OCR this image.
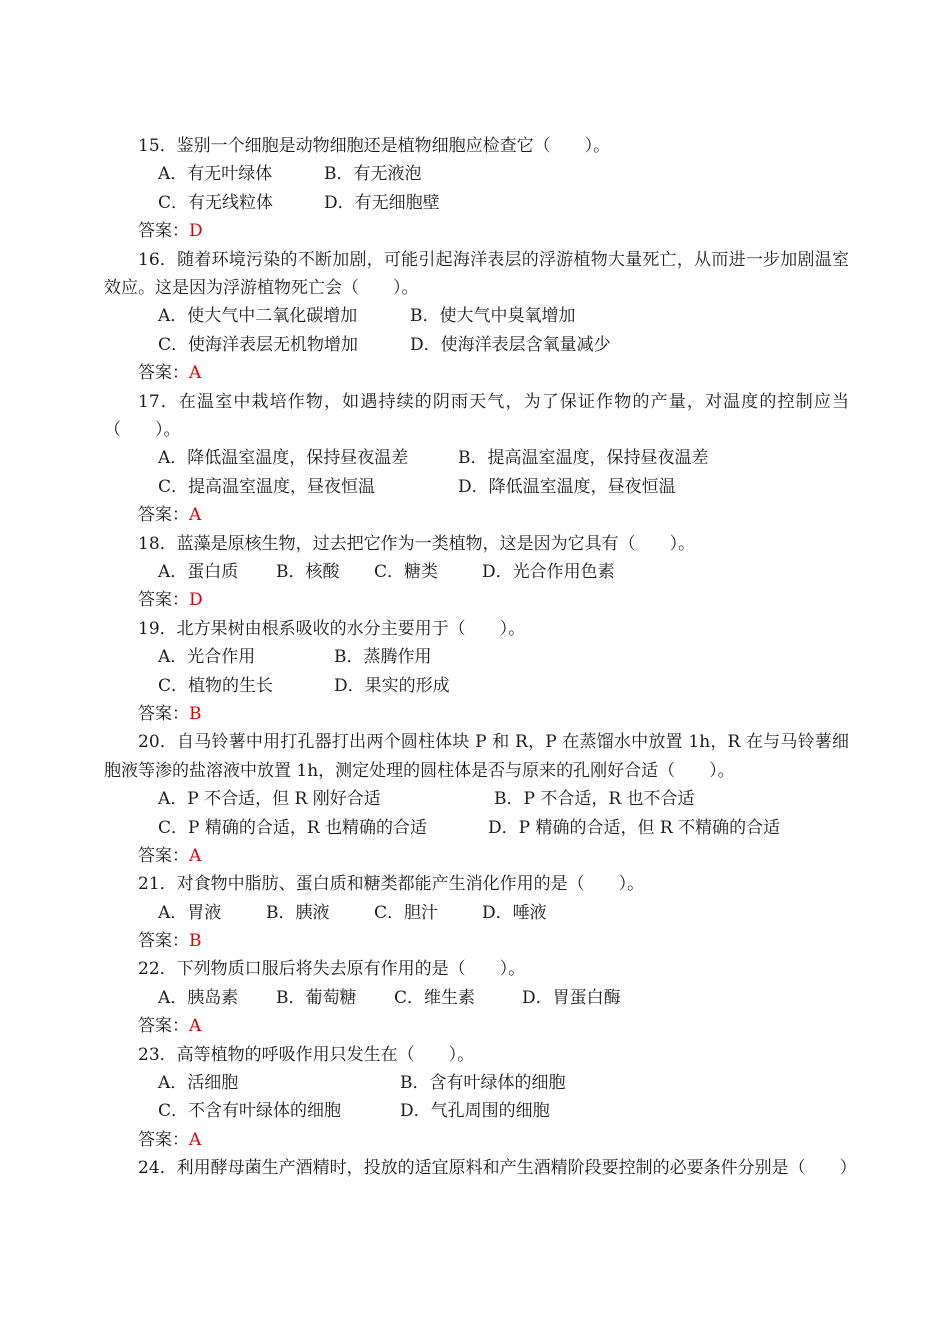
15．鉴别一个细胞是动物细胞还是植物细胞应检查它（　　）。
A．有无叶绿体	B．有无液泡
C．有无线粒体	D．有无细胞壁
答案：D
16．随着环境污染的不断加剧，可能引起海洋表层的浮游植物大量死亡，从而进一步加剧温室效应。这是因为浮游植物死亡会（　　）。
A．使大气中二氧化碳增加	B．使大气中臭氧增加
C．使海洋表层无机物增加	D．使海洋表层含氧量减少
答案：A
17．在温室中栽培作物，如遇持续的阴雨天气，为了保证作物的产量，对温度的控制应当（　　）。
A．降低温室温度，保持昼夜温差	B．提高温室温度，保持昼夜温差
C．提高温室温度，昼夜恒温	D．降低温室温度，昼夜恒温
答案：A
18．蓝藻是原核生物，过去把它作为一类植物，这是因为它具有（　　）。
A．蛋白质 B．核酸 C．糖类	D．光合作用色素
答案：D
19．北方果树由根系吸收的水分主要用于（　　）。
A．光合作用	B．蒸腾作用
C．植物的生长	D．果实的形成
答案：B
20．自马铃薯中用打孔器打出两个圆柱体块 P 和 R，P 在蒸馏水中放置 1h，R 在与马铃薯细胞液等渗的盐溶液中放置 1h，测定处理的圆柱体是否与原来的孔刚好合适（　　）。
A．P 不合适，但 R 刚好合适	B．P 不合适，R 也不合适
C．P 精确的合适，R 也精确的合适	D．P 精确的合适，但 R 不精确的合适
答案：A
21．对食物中脂肪、蛋白质和糖类都能产生消化作用的是（　　）。
A．胃液	B．胰液	C．胆汁	D．唾液
答案：B
22．下列物质口服后将失去原有作用的是（　　）。
A．胰岛素 B．葡萄糖 C．维生素	D．胃蛋白酶
答案：A
23．高等植物的呼吸作用只发生在（　　）。
A．活细胞	B．含有叶绿体的细胞
C．不含有叶绿体的细胞	D．气孔周围的细胞
答案：A
24．利用酵母菌生产酒精时，投放的适宜原料和产生酒精阶段要控制的必要条件分别是（　　）
